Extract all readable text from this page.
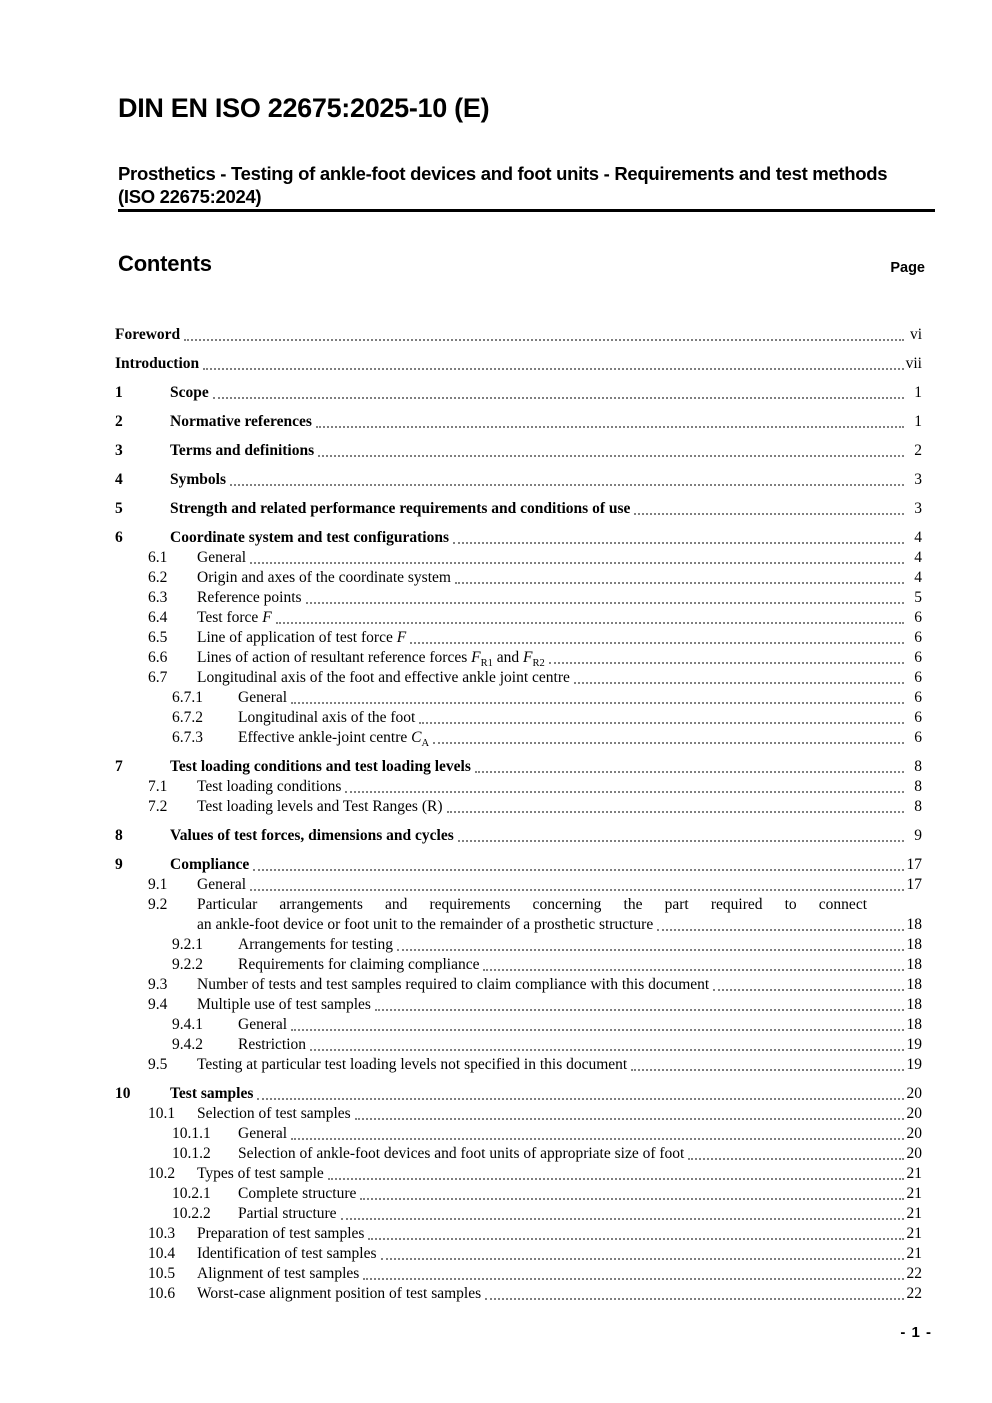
DIN EN ISO 22675:2025-10 (E)
Prosthetics - Testing of ankle-foot devices and foot units - Requirements and test methods (ISO 22675:2024)
Contents	Page
Foreword	vi
Introduction	vii
1	Scope	1
2	Normative references	1
3	Terms and definitions	2
4	Symbols	3
5	Strength and related performance requirements and conditions of use	3
6	Coordinate system and test configurations	4
6.1	General	4
6.2	Origin and axes of the coordinate system	4
6.3	Reference points	5
6.4	Test force F	6
6.5	Line of application of test force F	6
6.6	Lines of action of resultant reference forces $F_{R1}$ and $F_{R2}$	6
6.7	Longitudinal axis of the foot and effective ankle joint centre	6
6.7.1	General	6
6.7.2	Longitudinal axis of the foot	6
6.7.3	Effective ankle-joint centre $C_A$	6
7	Test loading conditions and test loading levels	8
7.1	Test loading conditions	8
7.2	Test loading levels and Test Ranges (R)	8
8	Values of test forces, dimensions and cycles	9
9	Compliance	17
9.1	General	17
9.2	Particular arrangements and requirements concerning the part required to connect
an ankle-foot device or foot unit to the remainder of a prosthetic structure	18
9.2.1	Arrangements for testing	18
9.2.2	Requirements for claiming compliance	18
9.3	Number of tests and test samples required to claim compliance with this document	18
9.4	Multiple use of test samples	18
9.4.1	General	18
9.4.2	Restriction	19
9.5	Testing at particular test loading levels not specified in this document	19
10	Test samples	20
10.1	Selection of test samples	20
10.1.1	General	20
10.1.2	Selection of ankle-foot devices and foot units of appropriate size of foot	20
10.2	Types of test sample	21
10.2.1	Complete structure	21
10.2.2	Partial structure	21
10.3	Preparation of test samples	21
10.4	Identification of test samples	21
10.5	Alignment of test samples	22
10.6	Worst-case alignment position of test samples	22
- 1 -
